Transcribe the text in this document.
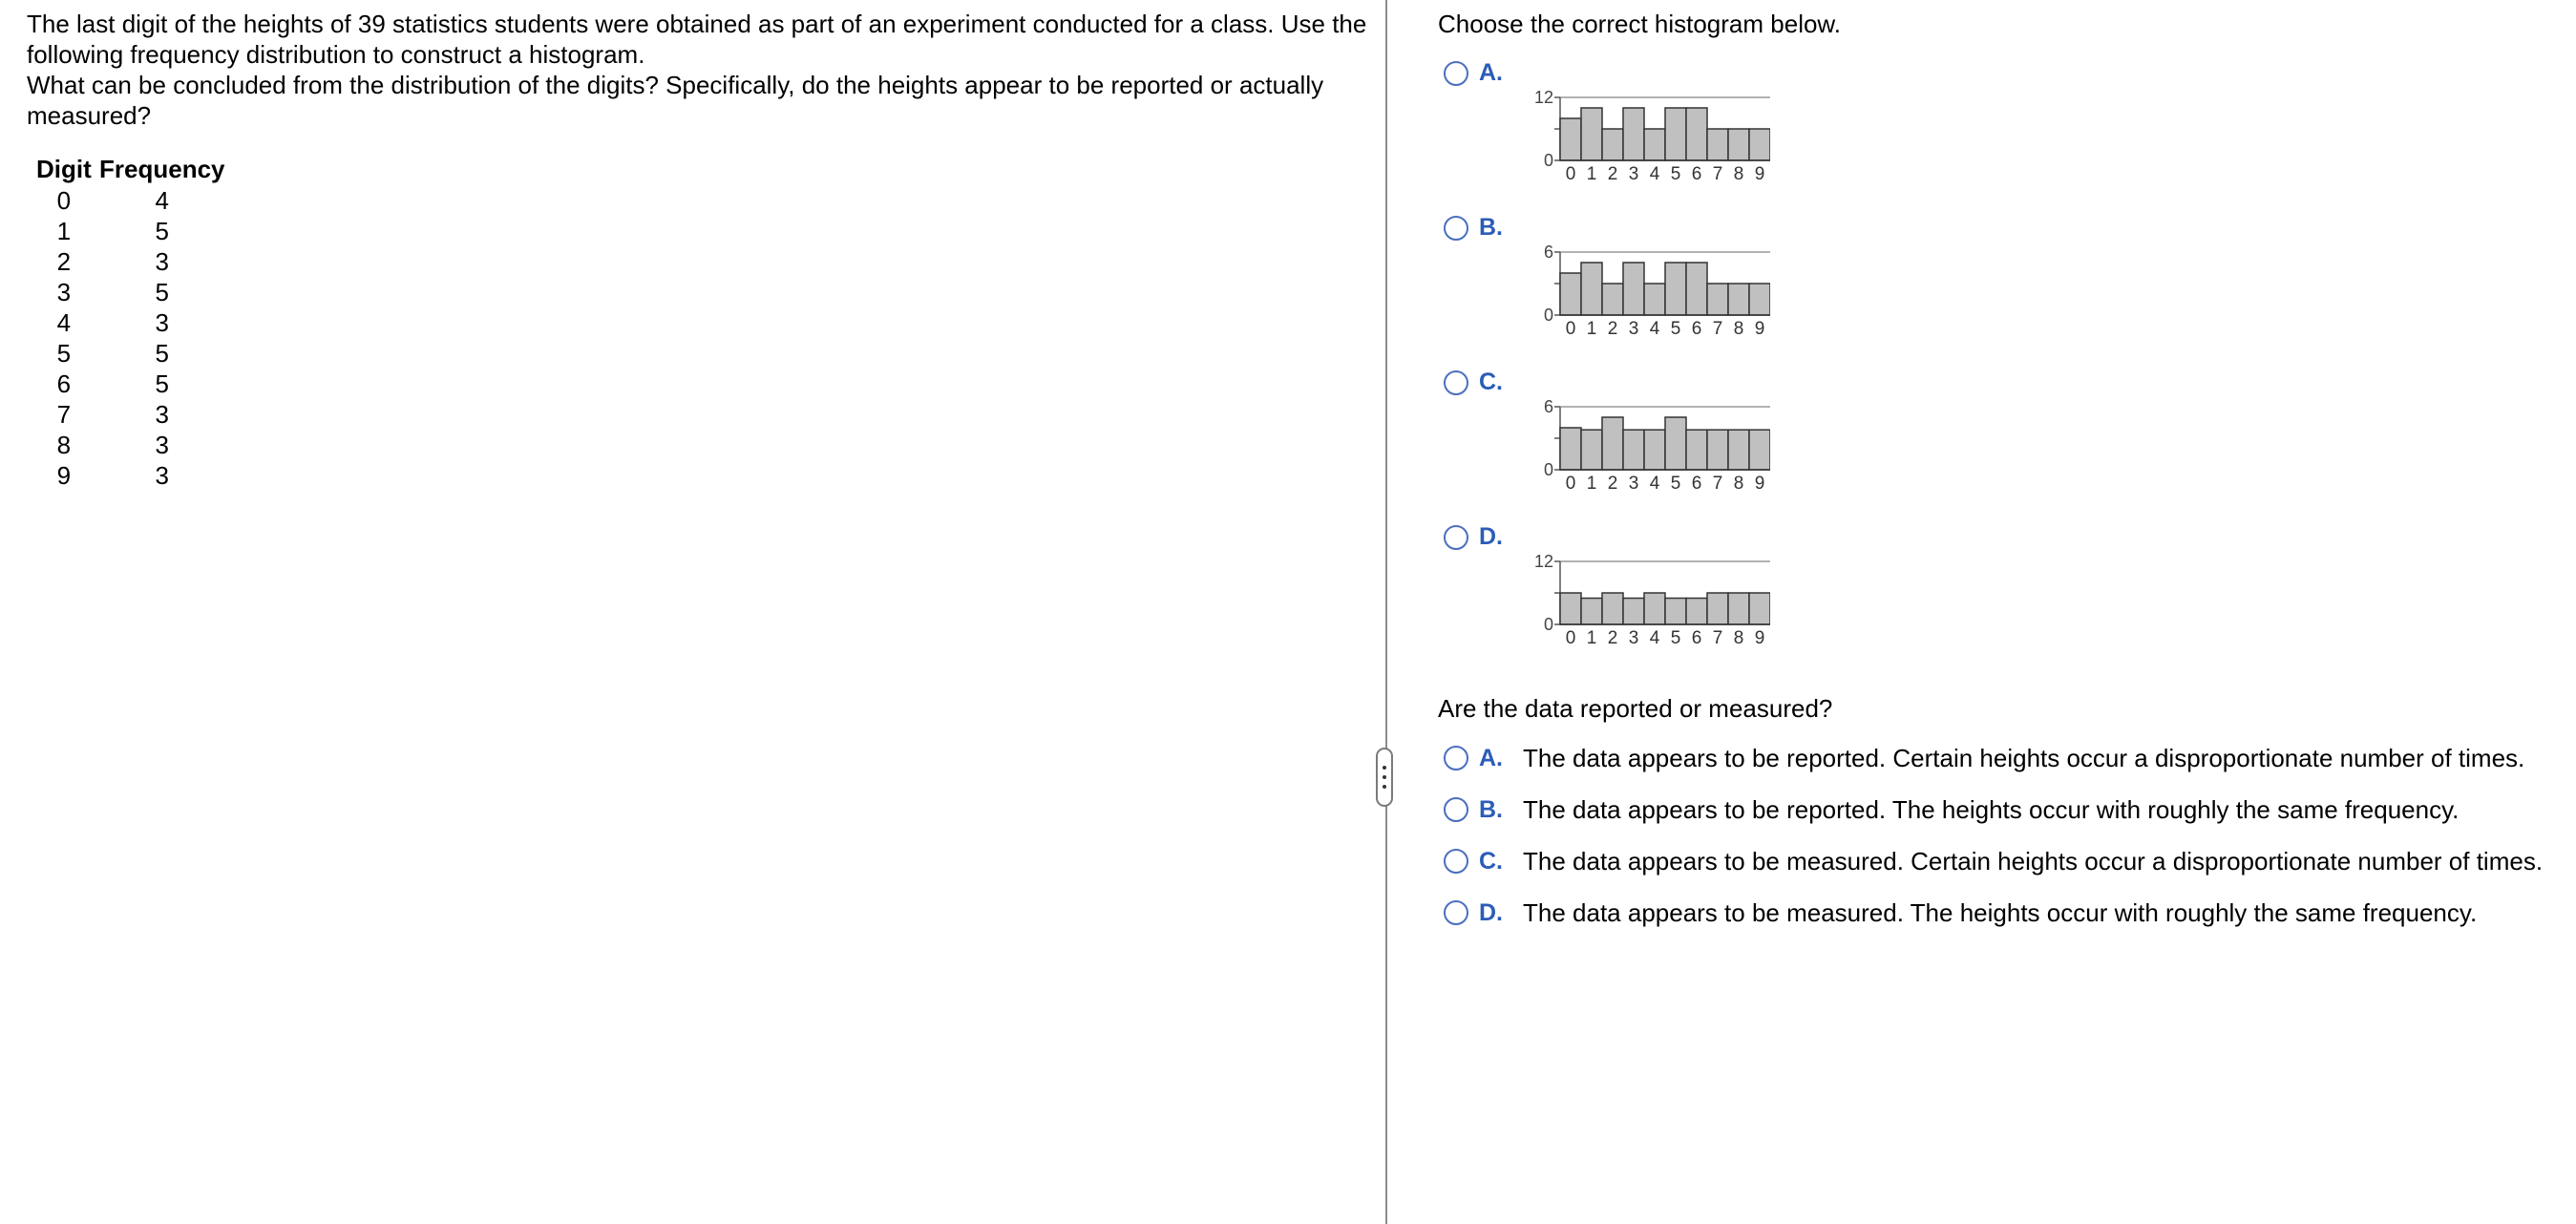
The last digit of the heights of 39 statistics students were obtained as part of an experiment conducted for a class. Use the following frequency distribution to construct a histogram.

What can be concluded from the distribution of the digits? Specifically, do the heights appear to be reported or actually measured?

Digit	Frequency
0	4
1	5
2	3
3	5
4	3
5	5
6	5
7	3
8	3
9	3
Choose the correct histogram below.
A.
12
0
0 1 2 3 4 5 6 7 8 9
B.
6
0
0 1 2 3 4 5 6 7 8 9
C.
6
0
0 1 2 3 4 5 6 7 8 9
D.
12
0
0 1 2 3 4 5 6 7 8 9
Are the data reported or measured?
A. The data appears to be reported. Certain heights occur a disproportionate number of times.
B. The data appears to be reported. The heights occur with roughly the same frequency.
C. The data appears to be measured. Certain heights occur a disproportionate number of times.
D. The data appears to be measured. The heights occur with roughly the same frequency.
